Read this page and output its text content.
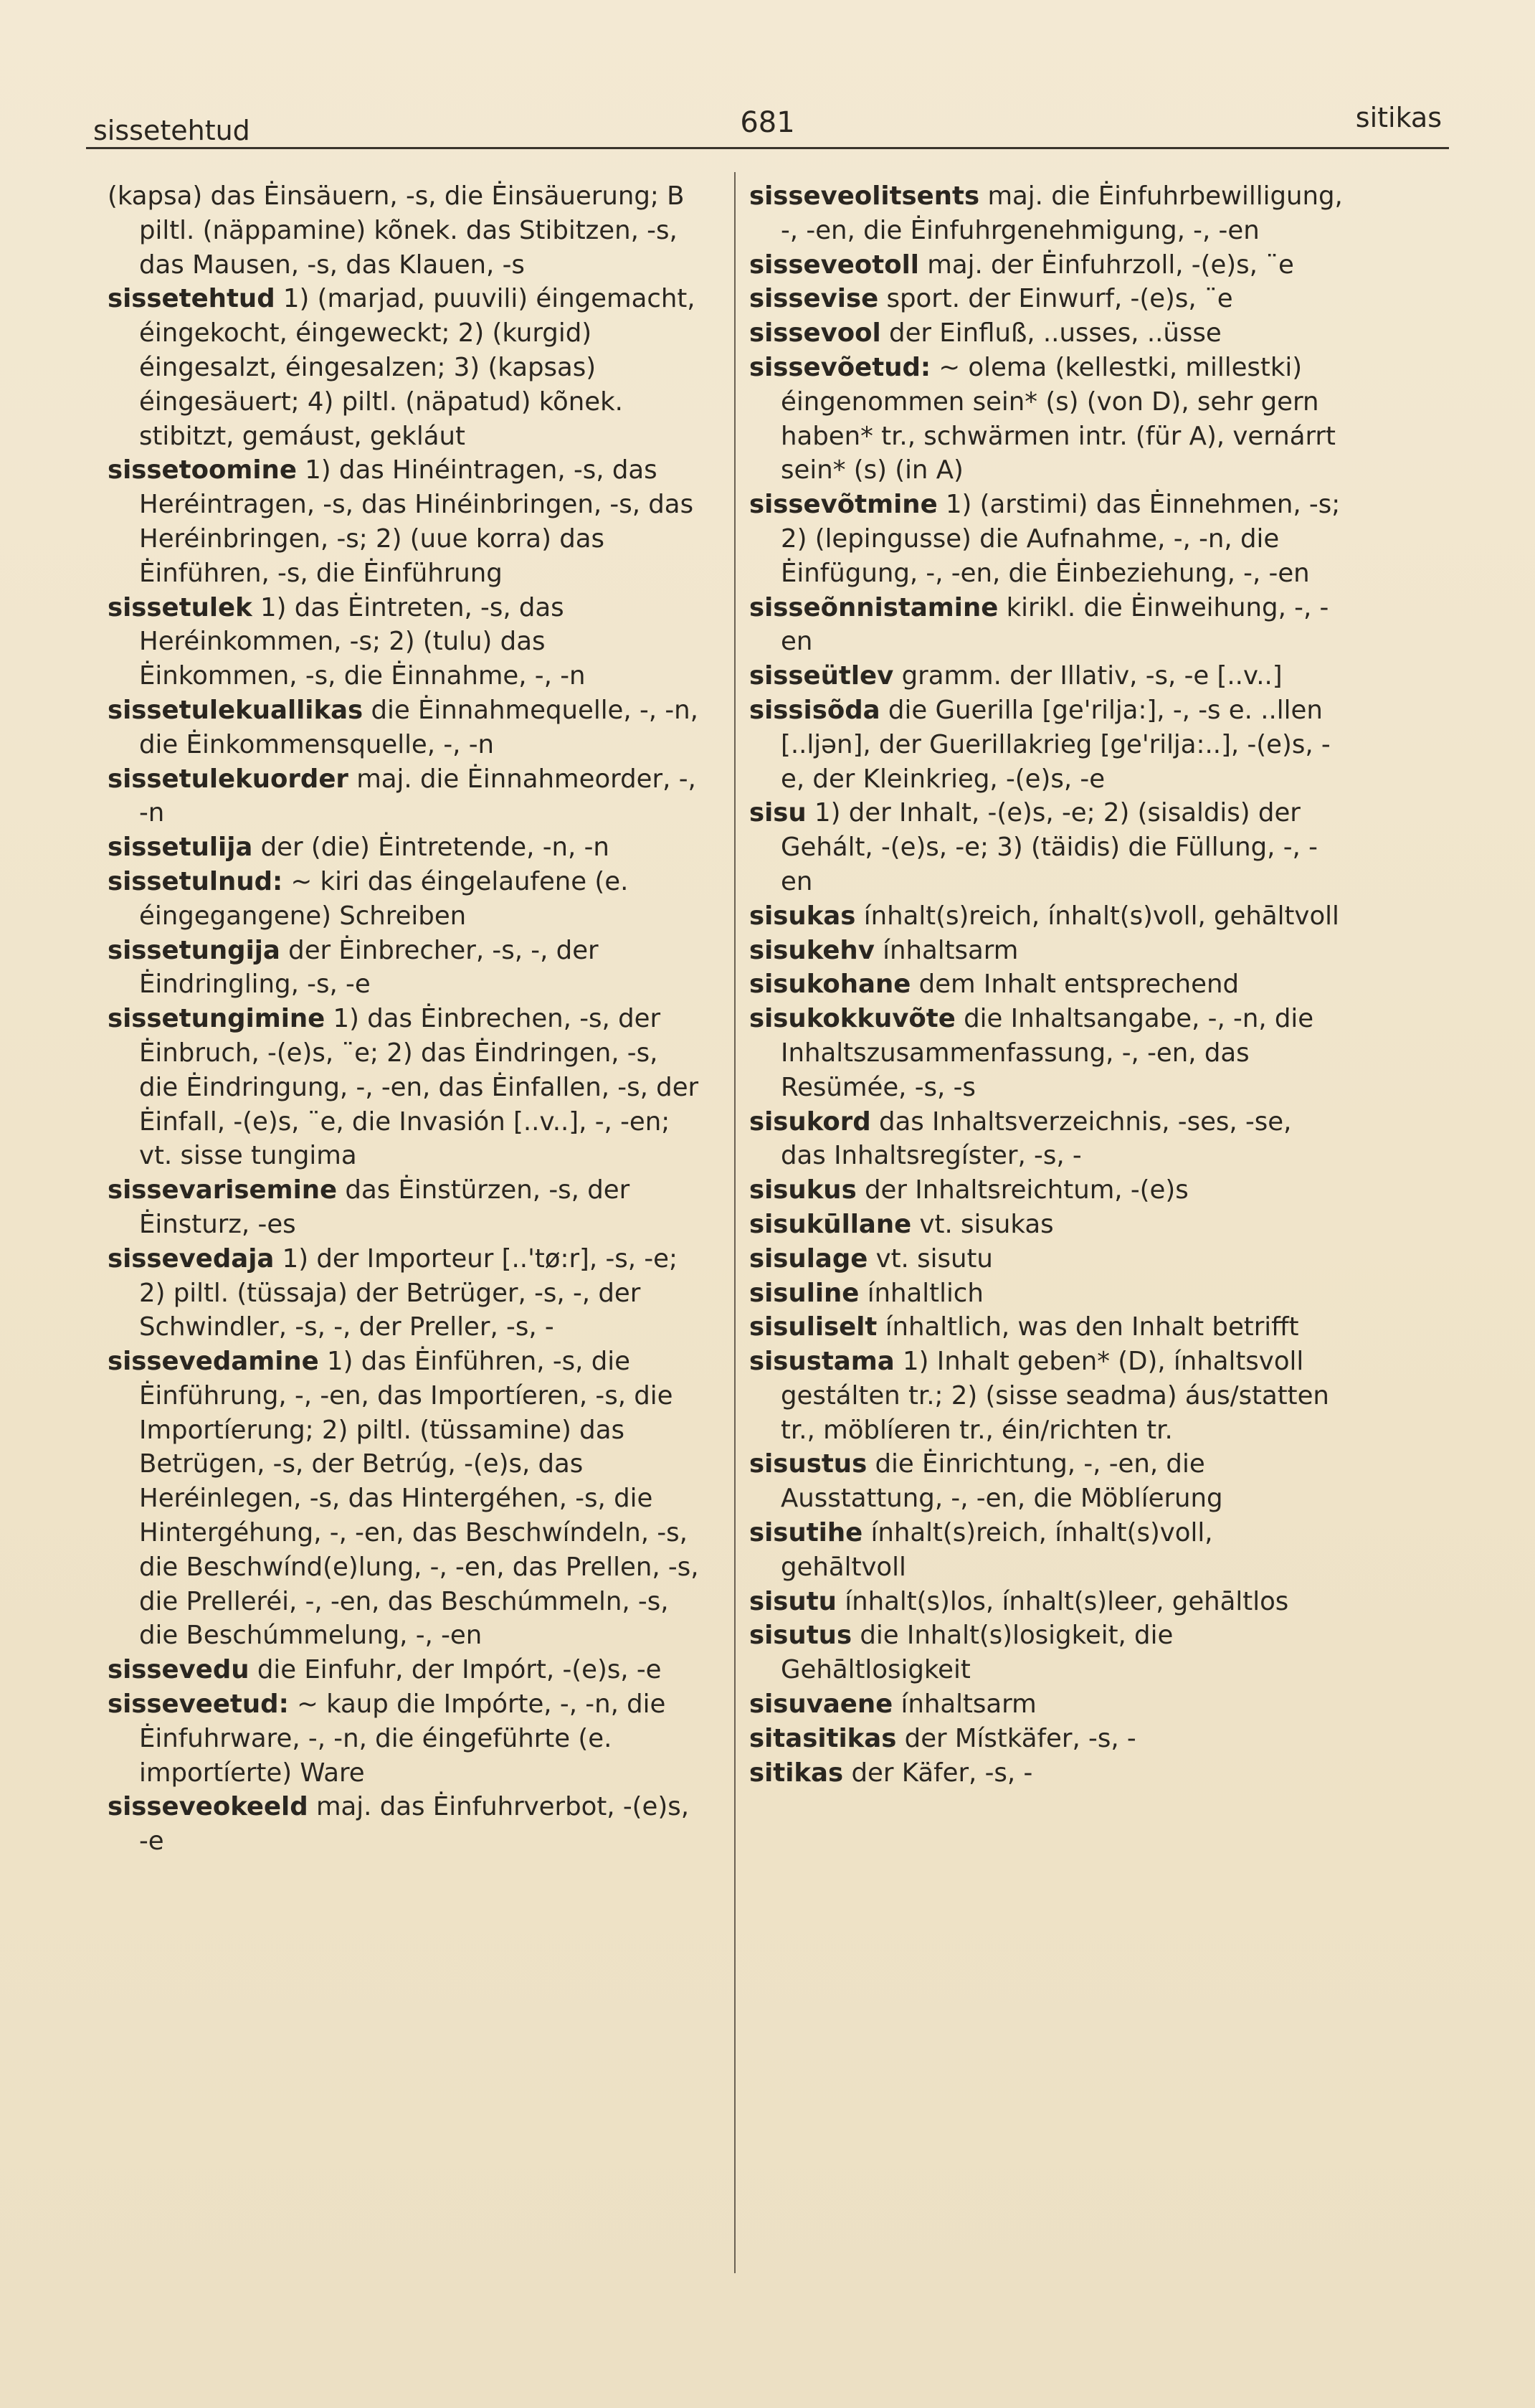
sissetehtud	681	sitikas

(kapsa) das Ėinsäuern, -s, die Ėinsäuerung; B piltl. (näppamine) kõnek. das Stibitzen, -s, das Mausen, -s, das Klauen, -s

sissetehtud 1) (marjad, puuvili) éingemacht, éingekocht, éingeweckt; 2) (kurgid) éingesalzt, éingesalzen; 3) (kapsas) éingesäuert; 4) piltl. (näpatud) kõnek. stibitzt, gemáust, gekláut

sissetoomine 1) das Hinéintragen, -s, das Heréintragen, -s, das Hinéinbringen, -s, das Heréinbringen, -s; 2) (uue korra) das Ėinführen, -s, die Ėinführung

sissetulek 1) das Ėintreten, -s, das Heréinkommen, -s; 2) (tulu) das Ėinkommen, -s, die Ėinnahme, -, -n

sissetulekuallikas die Ėinnahmequelle, -, -n, die Ėinkommensquelle, -, -n

sissetulekuorder maj. die Ėinnahmeorder, -, -n

sissetulija der (die) Ėintretende, -n, -n

sissetulnud: ~ kiri das éingelaufene (e. éingegangene) Schreiben

sissetungija der Ėinbrecher, -s, -, der Ėindringling, -s, -e

sissetungimine 1) das Ėinbrechen, -s, der Ėinbruch, -(e)s, ¨e; 2) das Ėindringen, -s, die Ėindringung, -, -en, das Ėinfallen, -s, der Ėinfall, -(e)s, ¨e, die Invasión [..v..], -, -en; vt. sisse tungima

sissevarisemine das Ėinstürzen, -s, der Ėinsturz, -es

sissevedaja 1) der Importeur [..'tø:r], -s, -e; 2) piltl. (tüssaja) der Betrüger, -s, -, der Schwindler, -s, -, der Preller, -s, -

sissevedamine 1) das Ėinführen, -s, die Ėinführung, -, -en, das Importíeren, -s, die Importíerung; 2) piltl. (tüssamine) das Betrügen, -s, der Betrúg, -(e)s, das Heréinlegen, -s, das Hintergéhen, -s, die Hintergéhung, -, -en, das Beschwíndeln, -s, die Beschwínd(e)lung, -, -en, das Prellen, -s, die Prelleréi, -, -en, das Beschúmmeln, -s, die Beschúmmelung, -, -en

sissevedu die Einfuhr, der Impórt, -(e)s, -e

sisseveetud: ~ kaup die Impórte, -, -n, die Ėinfuhrware, -, -n, die éingeführte (e. importíerte) Ware

sisseveokeeld maj. das Ėinfuhrverbot, -(e)s, -e

sisseveolitsents maj. die Ėinfuhrbewilligung, -, -en, die Ėinfuhrgenehmigung, -, -en

sisseveotoll maj. der Ėinfuhrzoll, -(e)s, ¨e

sissevise sport. der Einwurf, -(e)s, ¨e

sissevool der Einfluß, ..usses, ..üsse

sissevõetud: ~ olema (kellestki, millestki) éingenommen sein* (s) (von D), sehr gern haben* tr., schwärmen intr. (für A), vernárrt sein* (s) (in A)

sissevõtmine 1) (arstimi) das Ėinnehmen, -s; 2) (lepingusse) die Aufnahme, -, -n, die Ėinfügung, -, -en, die Ėinbeziehung, -, -en

sisseõnnistamine kirikl. die Ėinweihung, -, -en

sisseütlev gramm. der Illativ, -s, -e [..v..]

sissisõda die Guerilla [ge'rilja:], -, -s e. ..llen [..ljən], der Guerillakrieg [ge'rilja:..], -(e)s, -e, der Kleinkrieg, -(e)s, -e

sisu 1) der Inhalt, -(e)s, -e; 2) (sisaldis) der Gehált, -(e)s, -e; 3) (täidis) die Füllung, -, -en

sisukas ínhalt(s)reich, ínhalt(s)voll, gehāltvoll

sisukehv ínhaltsarm

sisukohane dem Inhalt entsprechend

sisukokkuvõte die Inhaltsangabe, -, -n, die Inhaltszusammenfassung, -, -en, das Resümée, -s, -s

sisukord das Inhaltsverzeichnis, -ses, -se, das Inhaltsregíster, -s, -

sisukus der Inhaltsreichtum, -(e)s

sisukūllane vt. sisukas

sisulage vt. sisutu

sisuline ínhaltlich

sisuliselt ínhaltlich, was den Inhalt betrifft

sisustama 1) Inhalt geben* (D), ínhaltsvoll gestálten tr.; 2) (sisse seadma) áus/statten tr., möblíeren tr., éin/richten tr.

sisustus die Ėinrichtung, -, -en, die Ausstattung, -, -en, die Möblíerung

sisutihe ínhalt(s)reich, ínhalt(s)voll, gehāltvoll

sisutu ínhalt(s)los, ínhalt(s)leer, gehāltlos

sisutus die Inhalt(s)losigkeit, die Gehāltlosigkeit

sisuvaene ínhaltsarm

sitasitikas der Místkäfer, -s, -

sitikas der Käfer, -s, -
